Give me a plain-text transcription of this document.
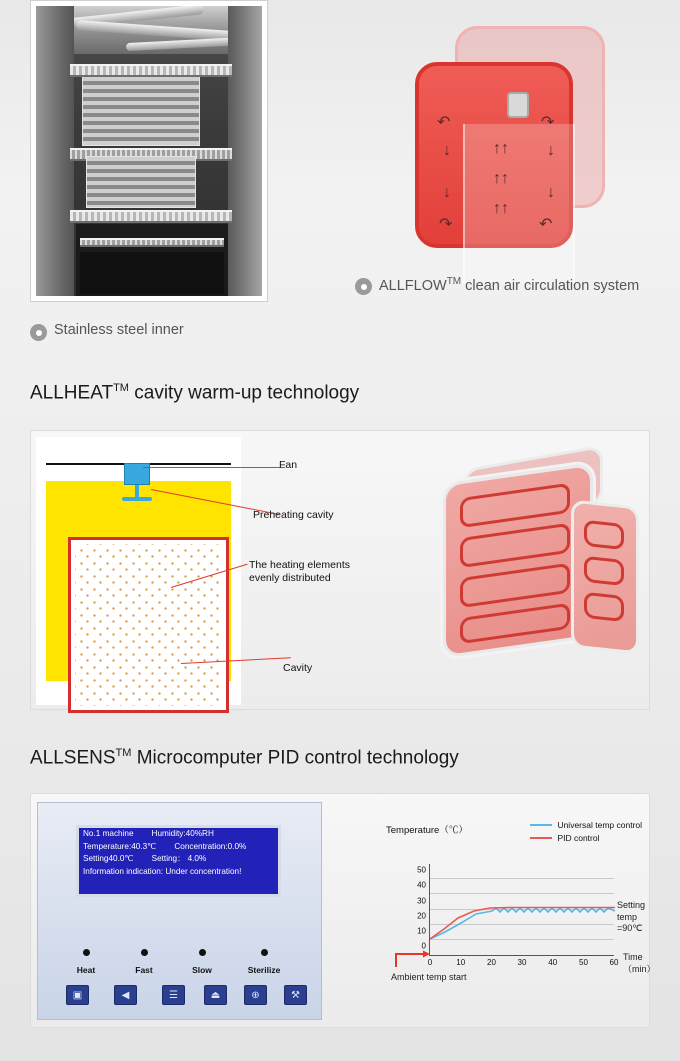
Stainless steel inner
↑↑
↑↑
↑↑
↓
↓
↓
↓
↶	↷
↷	↶
ALLFLOW™ clean air circulation system
ALLHEAT™ cavity warm-up technology
Fan
Preheating cavity
The heating elements
evenly distributed
Cavity
ALLSENS™ Microcomputer PID control technology
No.1 machine Humidity:40%RH
Temperature:40.3℃ Concentration:0.0%
Setting40.0℃ Setting： 4.0%
Information indication: Under concentration!
Heat	Fast	Slow	Sterilize
▣	◀	☰	⏏	⊕	⚒
Temperature（℃）	Universal temp control
PID control
0
10
20
30
40
50
0	10	20	30	40	50	60
Time（min）
Setting temp
=90℃
Ambient temp start
